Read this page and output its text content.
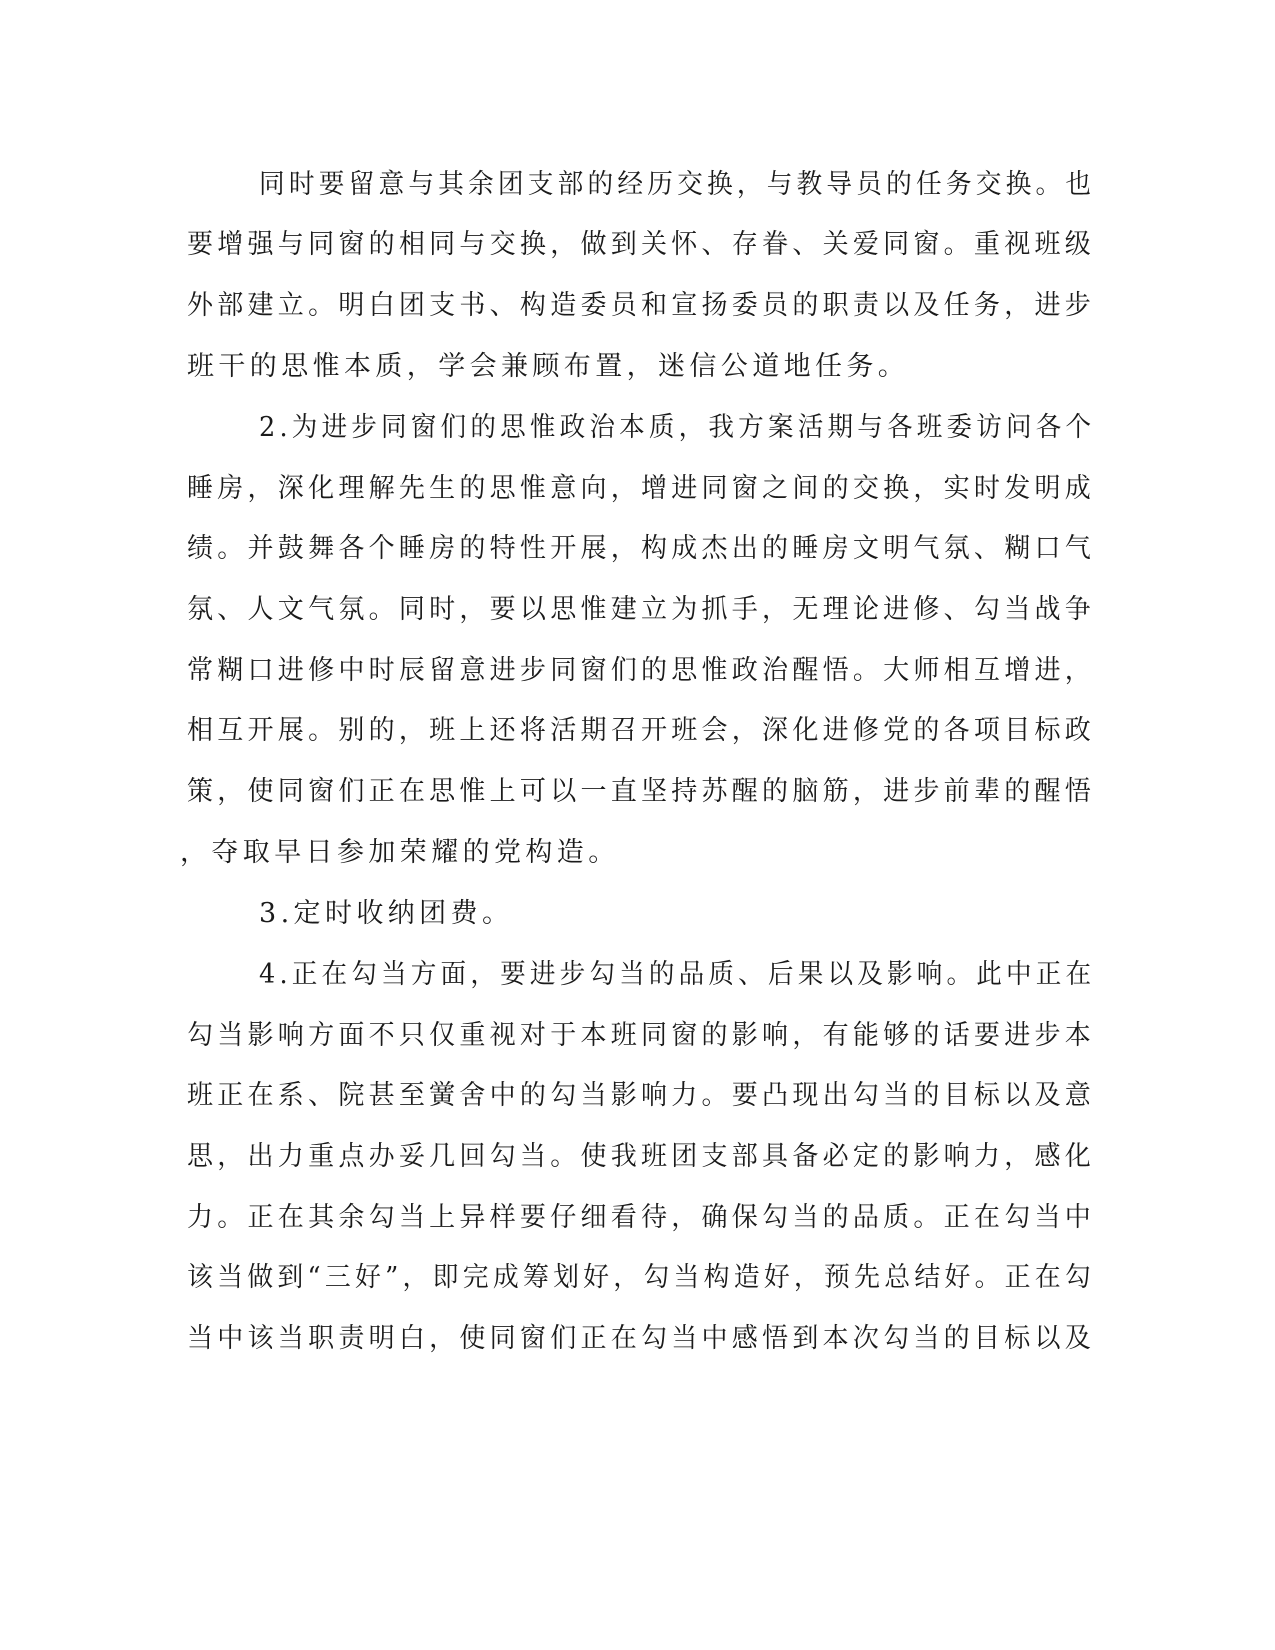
同时要留意与其余团支部的经历交换，与教导员的任务交换。也
要增强与同窗的相同与交换，做到关怀、存眷、关爱同窗。重视班级
外部建立。明白团支书、构造委员和宣扬委员的职责以及任务，进步
班干的思惟本质，学会兼顾布置，迷信公道地任务。
2.为进步同窗们的思惟政治本质，我方案活期与各班委访问各个
睡房，深化理解先生的思惟意向，增进同窗之间的交换，实时发明成
绩。并鼓舞各个睡房的特性开展，构成杰出的睡房文明气氛、糊口气
氛、人文气氛。同时，要以思惟建立为抓手，无理论进修、勾当战争
常糊口进修中时辰留意进步同窗们的思惟政治醒悟。大师相互增进，
相互开展。别的，班上还将活期召开班会，深化进修党的各项目标政
策，使同窗们正在思惟上可以一直坚持苏醒的脑筋，进步前辈的醒悟
，夺取早日参加荣耀的党构造。
3.定时收纳团费。
4.正在勾当方面，要进步勾当的品质、后果以及影响。此中正在
勾当影响方面不只仅重视对于本班同窗的影响，有能够的话要进步本
班正在系、院甚至黉舍中的勾当影响力。要凸现出勾当的目标以及意
思，出力重点办妥几回勾当。使我班团支部具备必定的影响力，感化
力。正在其余勾当上异样要仔细看待，确保勾当的品质。正在勾当中
该当做到“三好”，即完成筹划好，勾当构造好，预先总结好。正在勾
当中该当职责明白，使同窗们正在勾当中感悟到本次勾当的目标以及
